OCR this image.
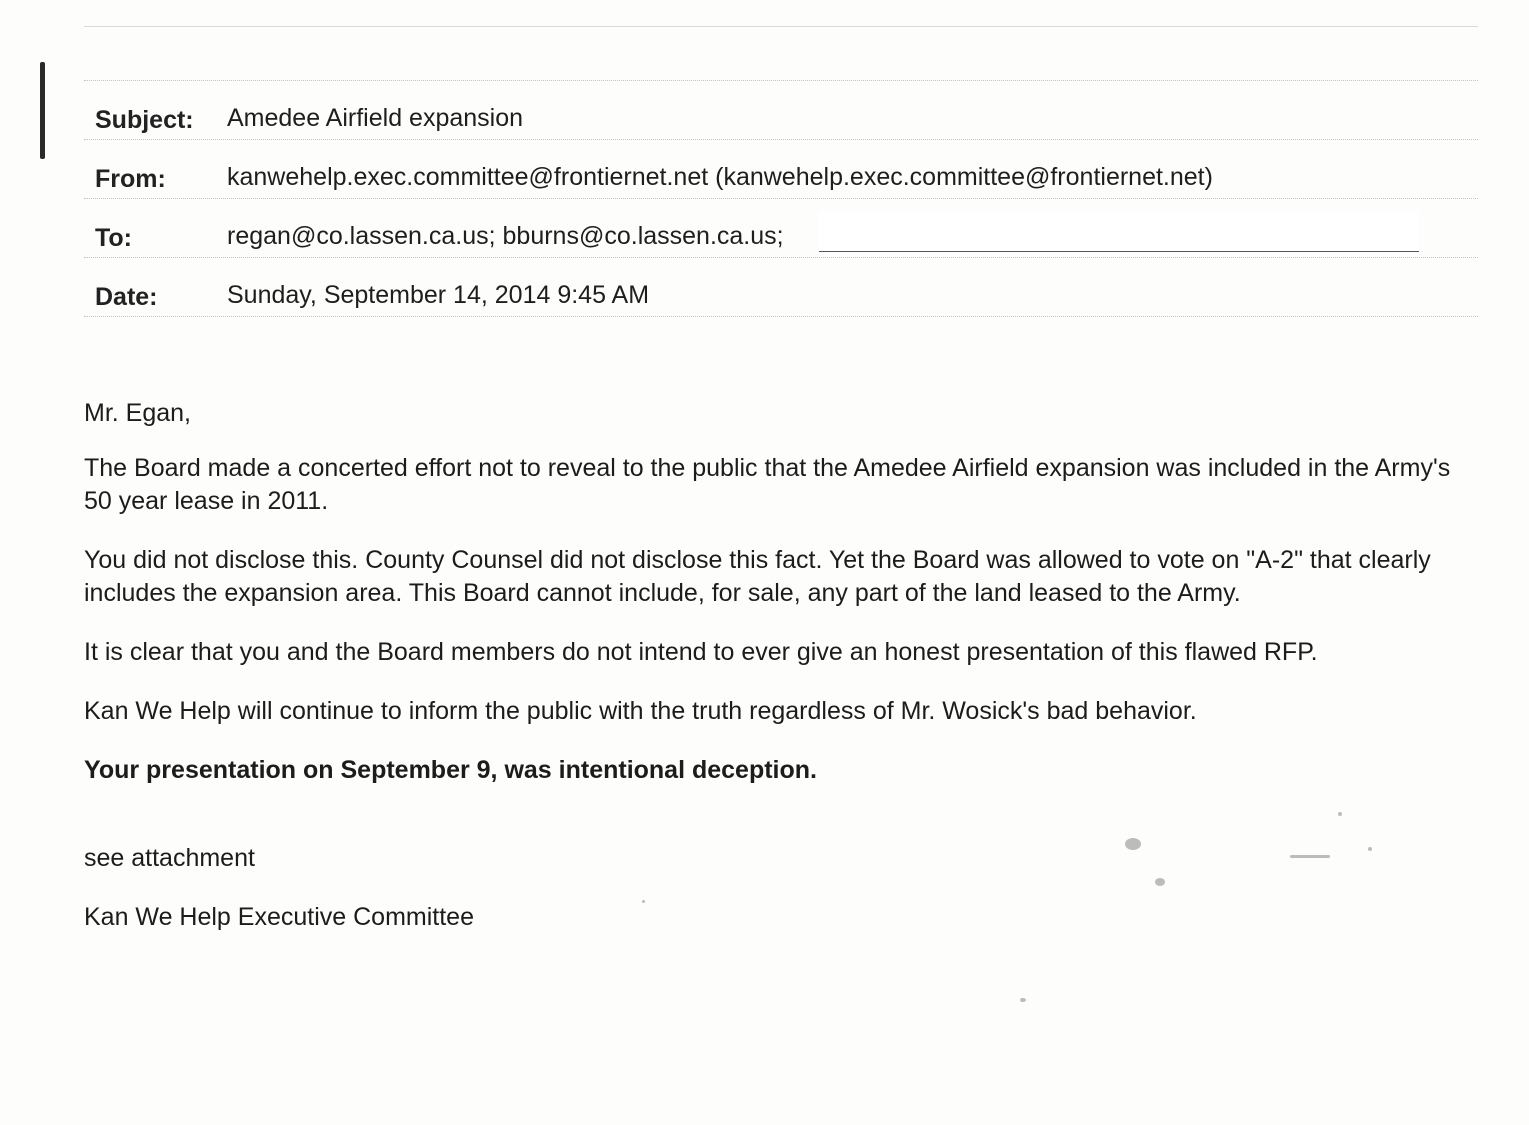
Subject: Amedee Airfield expansion
From: kanwehelp.exec.committee@frontiernet.net (kanwehelp.exec.committee@frontiernet.net)
To:	regan@co.lassen.ca.us; bburns@co.lassen.ca.us;
Date:	Sunday, September 14, 2014 9:45 AM

Mr. Egan,

The Board made a concerted effort not to reveal to the public that the Amedee Airfield expansion was included in the Army's 50 year lease in 2011.

You did not disclose this. County Counsel did not disclose this fact. Yet the Board was allowed to vote on "A-2" that clearly includes the expansion area. This Board cannot include, for sale, any part of the land leased to the Army.

It is clear that you and the Board members do not intend to ever give an honest presentation of this flawed RFP.

Kan We Help will continue to inform the public with the truth regardless of Mr. Wosick's bad behavior.

Your presentation on September 9, was intentional deception.

see attachment

Kan We Help Executive Committee
